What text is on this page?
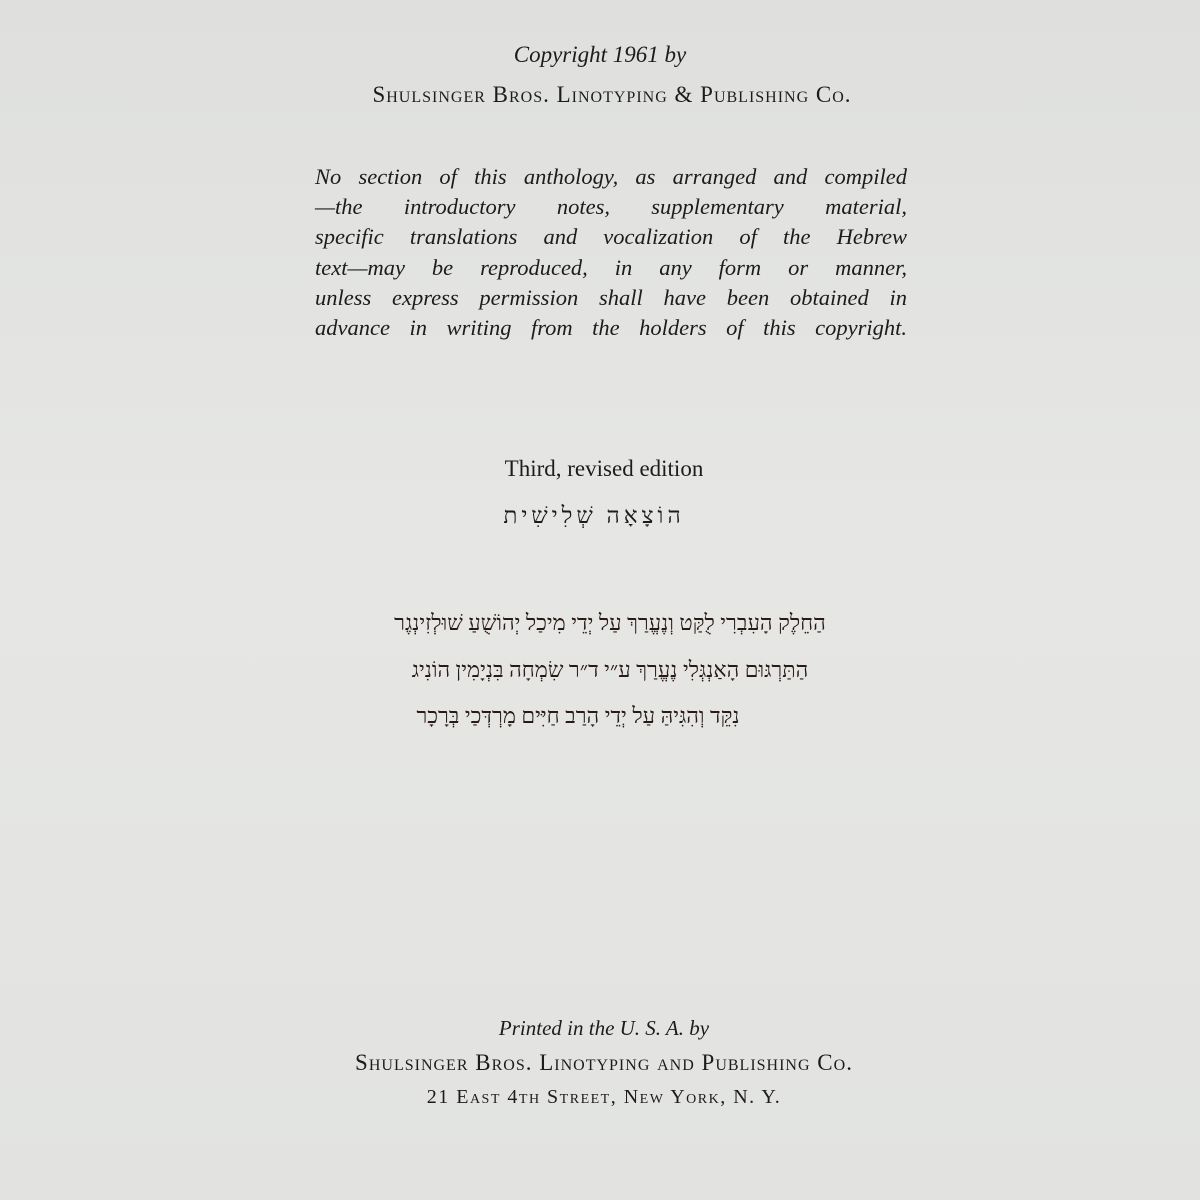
Copyright 1961 by
Shulsinger Bros. Linotyping & Publishing Co.
No section of this anthology, as arranged and compiled
—the introductory notes, supplementary material,
specific translations and vocalization of the Hebrew
text—may be reproduced, in any form or manner,
unless express permission shall have been obtained in
advance in writing from the holders of this copyright.
Third, revised edition
הוֹצָאָה שְׁלִישִׁית
הַחֵלֶק הָעִבְרִי לֻקַּט וְנֶעֱרַךְ עַל יְדֵי מִיכַל יְהוֹשֻׁעַ שׁוּלְזִינְגֶר
הַתַּרְגּוּם הָאַנְגְּלִי נֶעֱרַךְ ע״י ד״ר שִׂמְחָה בִּנְיָמִין הוֹנִיג
נִקֵּד וְהִגִּיהַּ עַל יְדֵי הָרַב חַיִּים מָרְדְּכַי בְּרָכָר
Printed in the U. S. A. by
Shulsinger Bros. Linotyping and Publishing Co.
21 East 4th Street, New York, N. Y.
